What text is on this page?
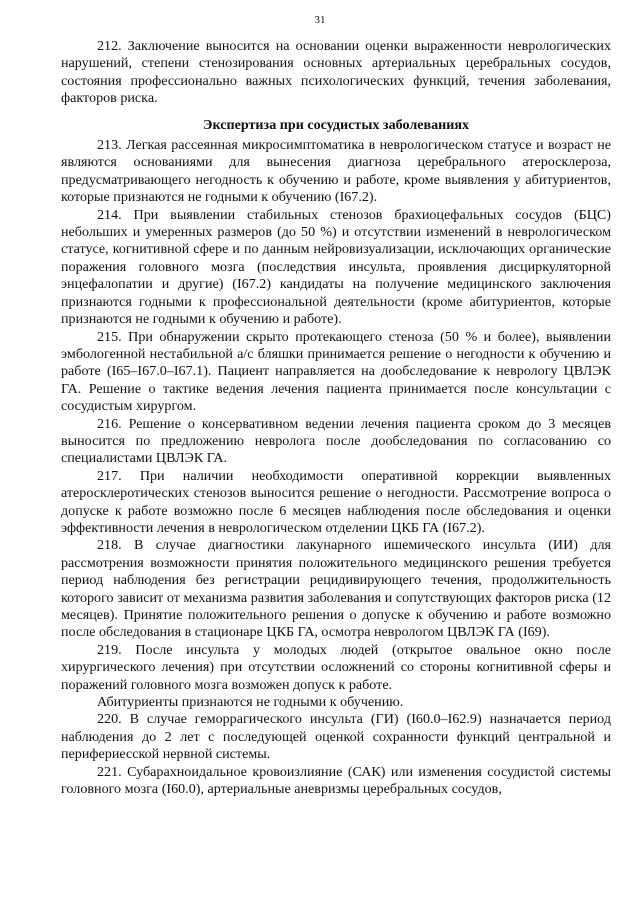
31

212. Заключение выносится на основании оценки выраженности неврологических нарушений, степени стенозирования основных артериальных церебральных сосудов, состояния профессионально важных психологических функций, течения заболевания, факторов риска.

Экспертиза при сосудистых заболеваниях

213. Легкая рассеянная микросимптоматика в неврологическом статусе и возраст не являются основаниями для вынесения диагноза церебрального атеросклероза, предусматривающего негодность к обучению и работе, кроме выявления у абитуриентов, которые признаются не годными к обучению (I67.2).

214. При выявлении стабильных стенозов брахиоцефальных сосудов (БЦС) небольших и умеренных размеров (до 50 %) и отсутствии изменений в неврологическом статусе, когнитивной сфере и по данным нейровизуализации, исключающих органические поражения головного мозга (последствия инсульта, проявления дисциркуляторной энцефалопатии и другие) (I67.2) кандидаты на получение медицинского заключения признаются годными к профессиональной деятельности (кроме абитуриентов, которые признаются не годными к обучению и работе).

215. При обнаружении скрыто протекающего стеноза (50 % и более), выявлении эмбологенной нестабильной а/с бляшки принимается решение о негодности к обучению и работе (I65–I67.0–I67.1). Пациент направляется на дообследование к неврологу ЦВЛЭК ГА. Решение о тактике ведения лечения пациента принимается после консультации с сосудистым хирургом.

216. Решение о консервативном ведении лечения пациента сроком до 3 месяцев выносится по предложению невролога после дообследования по согласованию со специалистами ЦВЛЭК ГА.

217. При наличии необходимости оперативной коррекции выявленных атеросклеротических стенозов выносится решение о негодности. Рассмотрение вопроса о допуске к работе возможно после 6 месяцев наблюдения после обследования и оценки эффективности лечения в неврологическом отделении ЦКБ ГА (I67.2).

218. В случае диагностики лакунарного ишемического инсульта (ИИ) для рассмотрения возможности принятия положительного медицинского решения требуется период наблюдения без регистрации рецидивирующего течения, продолжительность которого зависит от механизма развития заболевания и сопутствующих факторов риска (12 месяцев). Принятие положительного решения о допуске к обучению и работе возможно после обследования в стационаре ЦКБ ГА, осмотра неврологом ЦВЛЭК ГА (I69).

219. После инсульта у молодых людей (открытое овальное окно после хирургического лечения) при отсутствии осложнений со стороны когнитивной сферы и поражений головного мозга возможен допуск к работе.

Абитуриенты признаются не годными к обучению.

220. В случае геморрагического инсульта (ГИ) (I60.0–I62.9) назначается период наблюдения до 2 лет с последующей оценкой сохранности функций центральной и перифериесской нервной системы.

221. Субарахноидальное кровоизлияние (САК) или изменения сосудистой системы головного мозга (I60.0), артериальные аневризмы церебральных сосудов,
